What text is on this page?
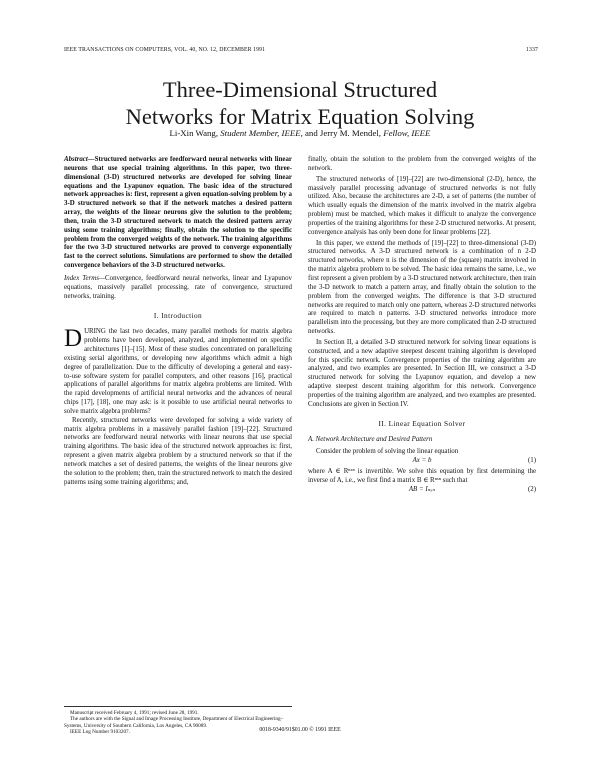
IEEE TRANSACTIONS ON COMPUTERS, VOL. 40, NO. 12, DECEMBER 1991	1337
Three-Dimensional Structured
Networks for Matrix Equation Solving
Li-Xin Wang, Student Member, IEEE, and Jerry M. Mendel, Fellow, IEEE
Abstract—Structured networks are feedforward neural networks with linear neurons that use special training algorithms. In this paper, two three-dimensional (3-D) structured networks are developed for solving linear equations and the Lyapunov equation. The basic idea of the structured network approaches is: first, represent a given equation-solving problem by a 3-D structured network so that if the network matches a desired pattern array, the weights of the linear neurons give the solution to the problem; then, train the 3-D structured network to match the desired pattern array using some training algorithms; finally, obtain the solution to the specific problem from the converged weights of the network. The training algorithms for the two 3-D structured networks are proved to converge exponentially fast to the correct solutions. Simulations are performed to show the detailed convergence behaviors of the 3-D structured networks.
Index Terms—Convergence, feedforward neural networks, linear and Lyapunov equations, massively parallel processing, rate of convergence, structured networks, training.
I. Introduction
D URING the last two decades, many parallel methods for matrix algebra problems have been developed, analyzed, and implemented on specific architectures [1]–[15]. Most of these studies concentrated on parallelizing existing serial algorithms, or developing new algorithms which admit a high degree of parallelization. Due to the difficulty of developing a general and easy-to-use software system for parallel computers, and other reasons [16], practical applications of parallel algorithms for matrix algebra problems are limited. With the rapid developments of artificial neural networks and the advances of neural chips [17], [18], one may ask: is it possible to use artificial neural networks to solve matrix algebra problems?

Recently, structured networks were developed for solving a wide variety of matrix algebra problems in a massively parallel fashion [19]–[22]. Structured networks are feedforward neural networks with linear neurons that use special training algorithms. The basic idea of the structured network approaches is: first, represent a given matrix algebra problem by a structured network so that if the network matches a set of desired patterns, the weights of the linear neurons give the solution to the problem; then, train the structured network to match the desired patterns using some training algorithms; and,

Manuscript received February 4, 1991; revised June 28, 1991.

The authors are with the Signal and Image Processing Institute, Department of Electrical Engineering–Systems, University of Southern California, Los Angeles, CA 90089.

IEEE Log Number 9103207.

finally, obtain the solution to the problem from the converged weights of the network.

The structured networks of [19]–[22] are two-dimensional (2-D), hence, the massively parallel processing advantage of structured networks is not fully utilized. Also, because the architectures are 2-D, a set of patterns (the number of which usually equals the dimension of the matrix involved in the matrix algebra problem) must be matched, which makes it difficult to analyze the convergence properties of the training algorithms for these 2-D structured networks. At present, convergence analysis has only been done for linear problems [22].

In this paper, we extend the methods of [19]–[22] to three-dimensional (3-D) structured networks. A 3-D structured network is a combination of n 2-D structured networks, where n is the dimension of the (square) matrix involved in the matrix algebra problem to be solved. The basic idea remains the same, i.e., we first represent a given problem by a 3-D structured network architecture, then train the 3-D network to match a pattern array, and finally obtain the solution to the problem from the converged weights. The difference is that 3-D structured networks are required to match only one pattern, whereas 2-D structured networks are required to match n patterns. 3-D structured networks introduce more parallelism into the processing, but they are more complicated than 2-D structured networks.

In Section II, a detailed 3-D structured network for solving linear equations is constructed, and a new adaptive steepest descent training algorithm is developed for this specific network. Convergence properties of the training algorithm are analyzed, and two examples are presented. In Section III, we construct a 3-D structured network for solving the Lyapunov equation, and develop a new adaptive steepest descent training algorithm for this network. Convergence properties of the training algorithm are analyzed, and two examples are presented. Conclusions are given in Section IV.

II. Linear Equation Solver
A. Network Architecture and Desired Pattern

Consider the problem of solving the linear equation

Ax = b	(1)

where A ∈ Rⁿˣⁿ is invertible. We solve this equation by first determining the inverse of A, i.e., we first find a matrix B ∈ Rⁿˣⁿ such that

AB = Iₙₓₙ	(2)
0018-9340/91$01.00 © 1991 IEEE
